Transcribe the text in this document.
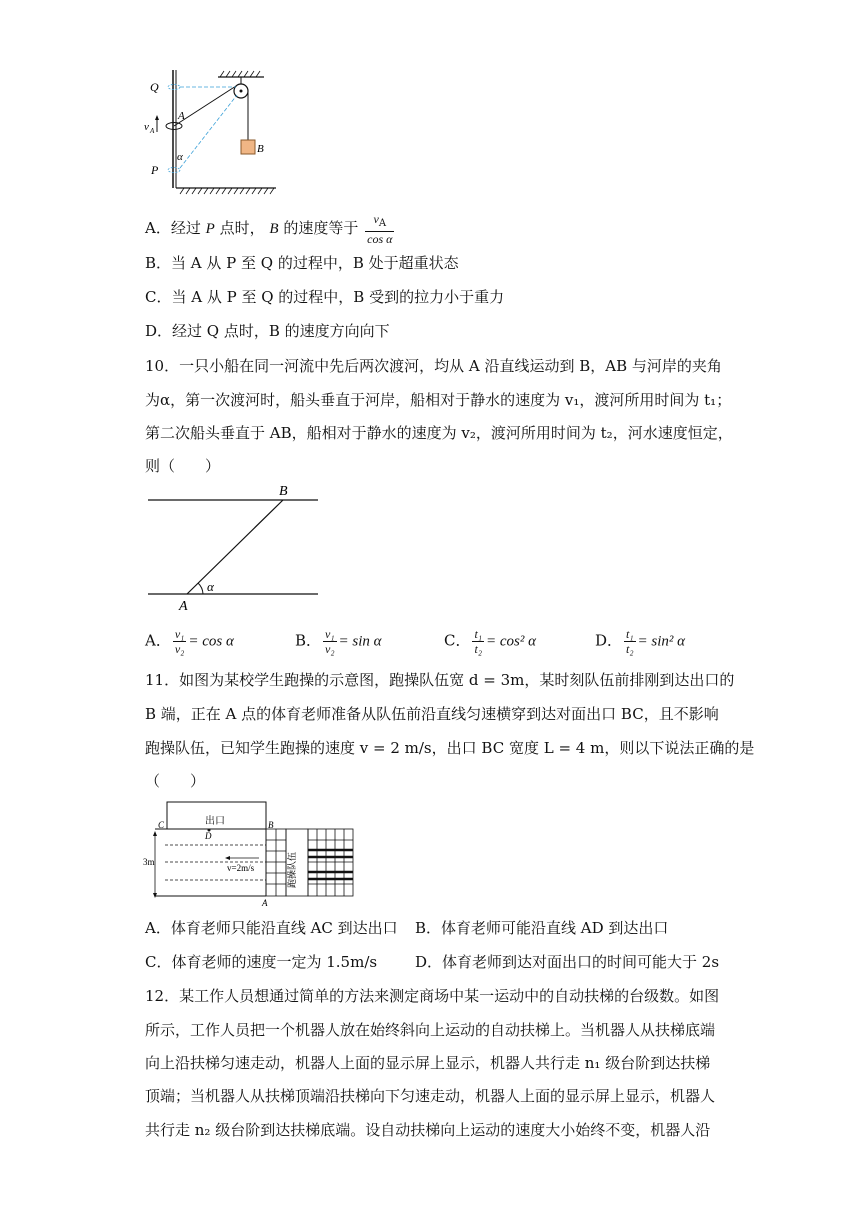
Q
A
v A
P
α
B
A．经过 P 点时， B 的速度等于 $\frac{v_A}{\text{cos α}}$
B．当 A 从 P 至 Q 的过程中，B 处于超重状态
C．当 A 从 P 至 Q 的过程中，B 受到的拉力小于重力
D．经过 Q 点时，B 的速度方向向下
10．一只小船在同一河流中先后两次渡河，均从 A 沿直线运动到 B，AB 与河岸的夹角
为α，第一次渡河时，船头垂直于河岸，船相对于静水的速度为 v₁，渡河所用时间为 t₁；
第二次船头垂直于 AB，船相对于静水的速度为 v₂，渡河所用时间为 t₂，河水速度恒定，
则（　　）
B
A
α
A． $\frac{\text{v₁}}{\text{v₂}} = \cos \alpha$	B． $\frac{\text{v₁}}{\text{v₂}} = \sin \alpha$	C． $\frac{\text{t₁}}{\text{t₂}} = \cos^2$ α	D． $\frac{\text{t₁}}{\text{t₂}} = \sin^2$ α
11．如图为某校学生跑操的示意图，跑操队伍宽 d = 3m，某时刻队伍前排刚到达出口的
B 端，正在 A 点的体育老师准备从队伍前沿直线匀速横穿到达对面出口 BC，且不影响
跑操队伍，已知学生跑操的速度 v = 2 m/s，出口 BC 宽度 L = 4 m，则以下说法正确的是
（　　）
出口
C
D
B
A
3m
v=2m/s	跑操队伍
A．体育老师只能沿直线 AC 到达出口 B．体育老师可能沿直线 AD 到达出口
C．体育老师的速度一定为 1.5m/s	D．体育老师到达对面出口的时间可能大于 2s
12．某工作人员想通过简单的方法来测定商场中某一运动中的自动扶梯的台级数。如图
所示，工作人员把一个机器人放在始终斜向上运动的自动扶梯上。当机器人从扶梯底端
向上沿扶梯匀速走动，机器人上面的显示屏上显示，机器人共行走 n₁ 级台阶到达扶梯
顶端；当机器人从扶梯顶端沿扶梯向下匀速走动，机器人上面的显示屏上显示，机器人
共行走 n₂ 级台阶到达扶梯底端。设自动扶梯向上运动的速度大小始终不变，机器人沿
